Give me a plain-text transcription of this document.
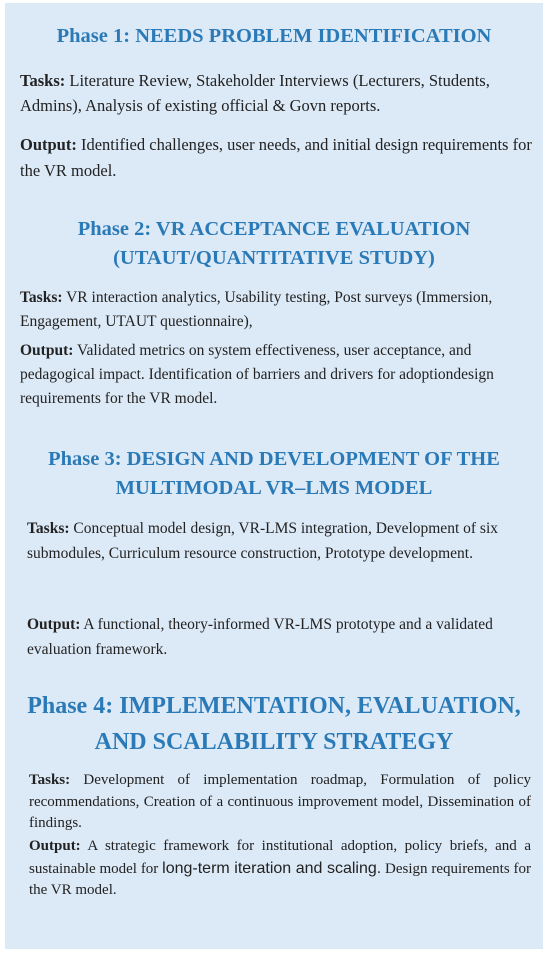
Phase 1: NEEDS PROBLEM IDENTIFICATION

Tasks: Literature Review, Stakeholder Interviews (Lecturers, Students, Admins), Analysis of existing official & Govn reports.

Output: Identified challenges, user needs, and initial design requirements for the VR model.

Phase 2: VR ACCEPTANCE EVALUATION
(UTAUT/QUANTITATIVE STUDY)

Tasks: VR interaction analytics, Usability testing, Post surveys (Immersion, Engagement, UTAUT questionnaire),

Output: Validated metrics on system effectiveness, user acceptance, and pedagogical impact. Identification of barriers and drivers for adoptiondesign requirements for the VR model.

Phase 3: DESIGN AND DEVELOPMENT OF THE
MULTIMODAL VR–LMS MODEL

Tasks: Conceptual model design, VR-LMS integration, Development of six submodules, Curriculum resource construction, Prototype development.

Output: A functional, theory-informed VR-LMS prototype and a validated evaluation framework.

Phase 4: IMPLEMENTATION, EVALUATION,
AND SCALABILITY STRATEGY

Tasks: Development of implementation roadmap, Formulation of policy recommendations, Creation of a continuous improvement model, Dissemination of findings.

Output: A strategic framework for institutional adoption, policy briefs, and a sustainable model for long-term iteration and scaling. Design requirements for the VR model.
